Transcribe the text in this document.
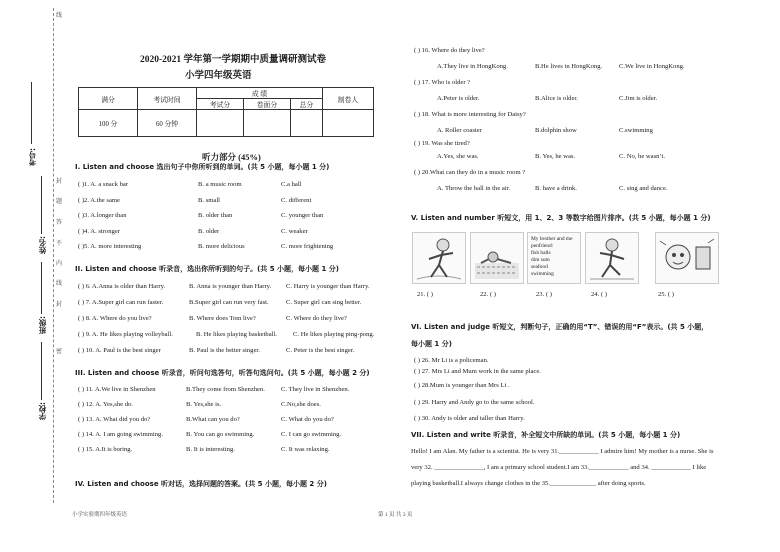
线
封
题
答
不
内
线
封
密
考号:
姓名:
班级:
学校:
2020-2021 学年第一学期期中质量调研测试卷
小学四年级英语
满分	考试时间	成 绩			制卷人
		考试分	卷面分	总分	
100 分	60 分钟				
听力部分 (45%)
I. Listen and choose 选出句子中你所听到的单词。(共 5 小题，每小题 1 分)
( )1. A. a snack bar	B. a music room	C.a hall
( )2. A.the same	B. small	C. different
( )3. A.longer than	B. older than	C. younger than
( )4. A. stronger	B. older	C. weaker
( )5. A. more interesting	B. more delicious	C. more frightening
II. Listen and choose 听录音，选出你所听到的句子。(共 5 小题，每小题 1 分)
( ) 6. A.Anna is older than Harry.	B. Anna is younger than Harry. C. Harry is younger than Harry.
( ) 7. A.Super girl can run faster.	B.Super girl can run very fast.	C. Super girl can sing better.
( ) 8. A. Where do you live?	B. Where does Tom live?	C. Where do they live?
( ) 9. A. He likes playing volleyball.	B. He likes playing basketball. C. He likes playing ping-pong.
( ) 10. A. Paul is the best singer	B. Paul is the better singer.	C. Peter is the best singer.
III. Listen and choose 听录音，听问句选答句，听答句选问句。(共 5 小题，每小题 2 分)
( ) 11. A.We live in Shenzhen	B.They come from Shenzhen. C. They live in Shenzhen.
( ) 12. A. Yes,she do.	B. Yes,she is.	C.No,she does.
( ) 13. A. What did you do?	B.What can you do?	C. What do you do?
( ) 14. A. I am going swimming.	B. You can go swimming.	C. I can go swimming.
( ) 15. A.It is boring.	B. It is interesting.	C. It was relaxing.
IV. Listen and choose 听对话，选择问题的答案。(共 5 小题，每小题 2 分)
( ) 16. Where do they live?
A.They live in HongKong.	B.He lives in HongKong.	C.We live in HongKong.
( ) 17. Who is older ?
A.Peter is older.	B.Alice is older.	C.Jim is older.
( ) 18. What is more interesting for Daisy?
A. Roller coaster	B.dolphin show	C.swimming
( ) 19. Was she tired?
A.Yes, she was.	B. Yes, he was.	C. No, he wasn’t.
( ) 20.What can they do in a music room ?
A. Throw the ball in the air.	B. have a drink.	C. sing and dance.
V. Listen and number 听短文，用 1、2、3 等数字给图片排序。(共 5 小题，每小题 1 分)
My brother and me
penfriend:
fish balls
dim sum
seafood
swimming
21. ( )	22. ( )	23. ( )	24. ( )	25. ( )
VI. Listen and judge 听短文，判断句子，正确的用“T”、错误的用“F”表示。(共 5 小题，
每小题 1 分)
( ) 26. Mr Li is a policeman.
( ) 27. Mrs Li and Mum work in the same place.
( ) 28.Mum is younger than Mrs Li .
( ) 29. Harry and Andy go to the same school.
( ) 30. Andy is older and taller than Harry.
VII. Listen and write 听录音，补全短文中所缺的单词。(共 5 小题，每小题 1 分)
Hello! I am Alan. My father is a scientist. He is very 31.____________ I admire him! My mother is a nurse. She is
very 32. _______________, I am a primary school student.I am 33.____________ and 34. ____________ I like
playing basketball.I always change clothes in the 35.______________ after doing sports.
小学实验期四年级英语	第 1 页 共 3 页
